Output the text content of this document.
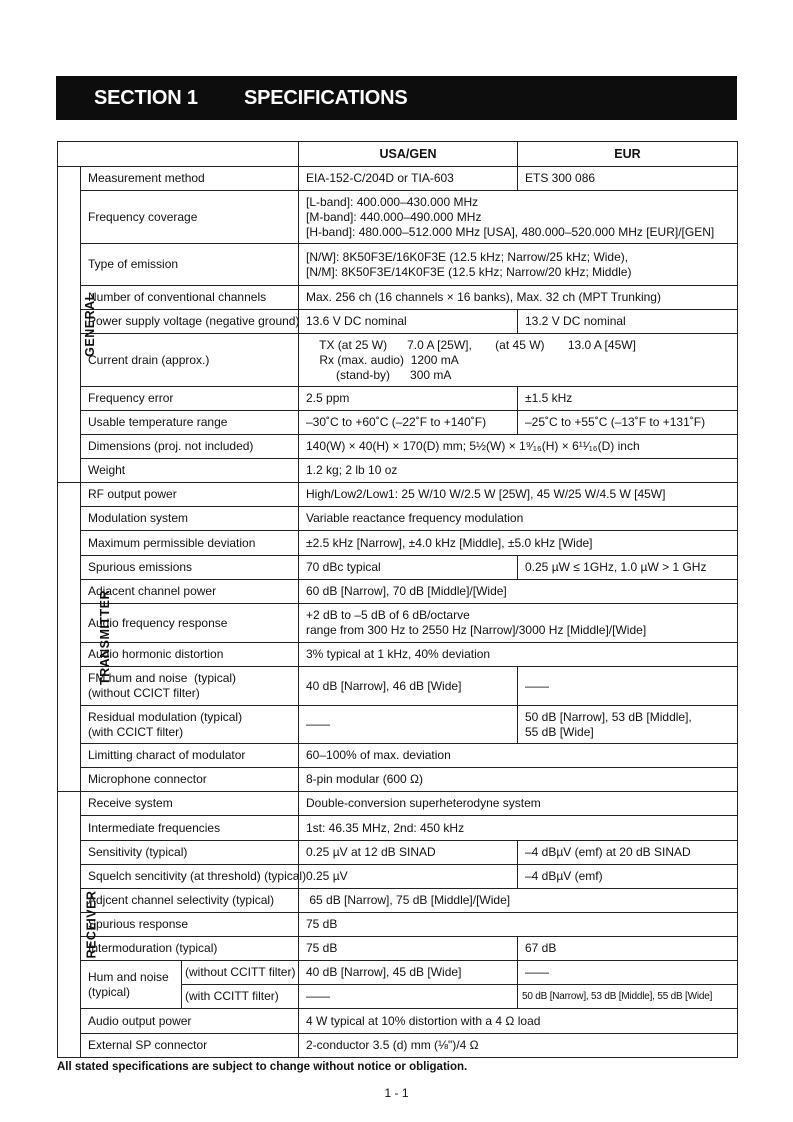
SECTION 1 SPECIFICATIONS
			USA/GEN	EUR
GENERAL	Measurement method		EIA-152-C/204D or TIA-603	ETS 300 086
	Frequency coverage		[L-band]: 400.000–430.000 MHz
[M-band]: 440.000–490.000 MHz
[H-band]: 480.000–512.000 MHz [USA], 480.000–520.000 MHz [EUR]/[GEN]	
	Type of emission		[N/W]: 8K50F3E/16K0F3E (12.5 kHz; Narrow/25 kHz; Wide),
[N/M]: 8K50F3E/14K0F3E (12.5 kHz; Narrow/20 kHz; Middle)	
	Number of conventional channels		Max. 256 ch (16 channels × 16 banks), Max. 32 ch (MPT Trunking)	
	Power supply voltage (negative ground)		13.6 V DC nominal	13.2 V DC nominal
	Current drain (approx.)		TX (at 25 W)      7.0 A [25W],       (at 45 W)       13.0 A [45W]
Rx (max. audio)  1200 mA
(stand-by)      300 mA	
	Frequency error		2.5 ppm	±1.5 kHz
	Usable temperature range		–30˚C to +60˚C (–22˚F to +140˚F)	–25˚C to +55˚C (–13˚F to +131˚F)
	Dimensions (proj. not included)		140(W) × 40(H) × 170(D) mm; 5½(W) × 1⁹⁄₁₆(H) × 6¹¹⁄₁₆(D) inch	
	Weight		1.2 kg; 2 lb 10 oz	
TRANSMITTER	RF output power		High/Low2/Low1: 25 W/10 W/2.5 W [25W], 45 W/25 W/4.5 W [45W]	
	Modulation system		Variable reactance frequency modulation	
	Maximum permissible deviation		±2.5 kHz [Narrow], ±4.0 kHz [Middle], ±5.0 kHz [Wide]	
	Spurious emissions		70 dBc typical	0.25 µW ≤ 1GHz, 1.0 µW > 1 GHz
	Adjacent channel power		60 dB [Narrow], 70 dB [Middle]/[Wide]	
	Audio frequency response		+2 dB to –5 dB of 6 dB/octarve
range from 300 Hz to 2550 Hz [Narrow]/3000 Hz [Middle]/[Wide]	
	Audio hormonic distortion		3% typical at 1 kHz, 40% deviation	
	FM hum and noise  (typical)
(without CCICT filter)		40 dB [Narrow], 46 dB [Wide]	——
	Residual modulation (typical)
(with CCICT filter)		——	50 dB [Narrow], 53 dB [Middle],
55 dB [Wide]
	Limitting charact of modulator		60–100% of max. deviation	
	Microphone connector		8-pin modular (600 Ω)	
RECEIVER	Receive system		Double-conversion superheterodyne system	
	Intermediate frequencies		1st: 46.35 MHz, 2nd: 450 kHz	
	Sensitivity (typical)		0.25 µV at 12 dB SINAD	–4 dBµV (emf) at 20 dB SINAD
	Squelch sencitivity (at threshold) (typical)		0.25 µV	–4 dBµV (emf)
	Adjcent channel selectivity (typical)		65 dB [Narrow], 75 dB [Middle]/[Wide]	
	Spurious response		75 dB	
	Intermoduration (typical)		75 dB	67 dB
	Hum and noise
(typical)	(without CCITT filter)	40 dB [Narrow], 45 dB [Wide]	——
		(with CCITT filter)	——	50 dB [Narrow], 53 dB [Middle], 55 dB [Wide]
	Audio output power		4 W typical at 10% distortion with a 4 Ω load	
	External SP connector		2-conductor 3.5 (d) mm (⅛")/4 Ω	
All stated specifications are subject to change without notice or obligation.
1 - 1
